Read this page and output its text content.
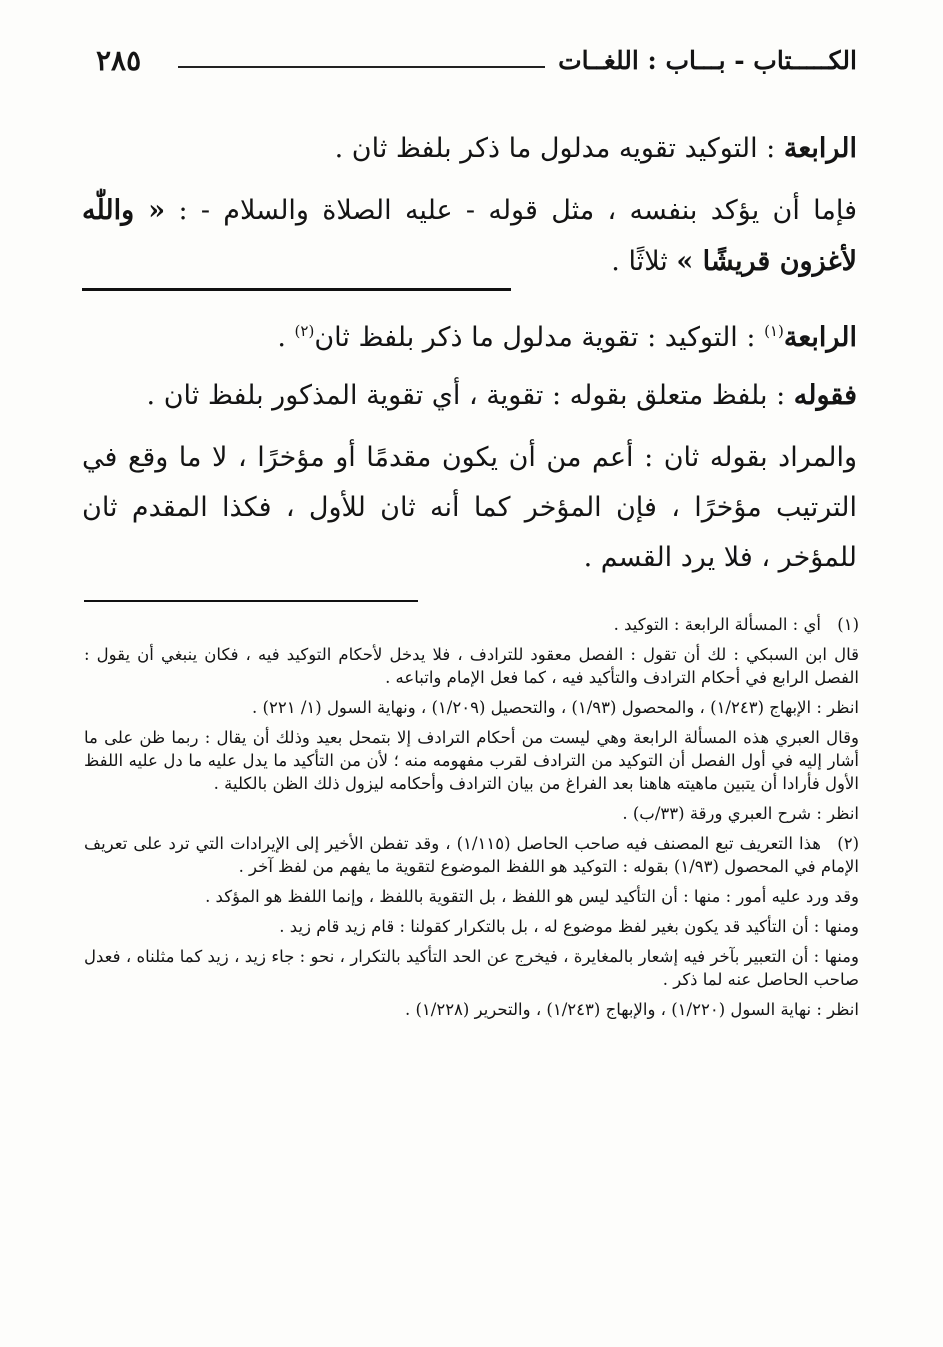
الكـــــتاب - بـــاب : اللغــات
٢٨٥

الرابعة : التوكيد تقويه مدلول ما ذكر بلفظ ثان .

فإما أن يؤكد بنفسه ، مثل قوله - عليه الصلاة والسلام - : « واللّٰه لأغزون قريشًا » ثلاثًا .

الرابعة$^{(١)}$ : التوكيد : تقوية مدلول ما ذكر بلفظ ثان$^{(٢)}$ .

فقوله : بلفظ متعلق بقوله : تقوية ، أي تقوية المذكور بلفظ ثان .

والمراد بقوله ثان : أعم من أن يكون مقدمًا أو مؤخرًا ، لا ما وقع في الترتيب مؤخرًا ، فإن المؤخر كما أنه ثان للأول ، فكذا المقدم ثان للمؤخر ، فلا يرد القسم .

(١)أي : المسألة الرابعة : التوكيد .

قال ابن السبكي : لك أن تقول : الفصل معقود للترادف ، فلا يدخل لأحكام التوكيد فيه ، فكان ينبغي أن يقول : الفصل الرابع في أحكام الترادف والتأكيد فيه ، كما فعل الإمام واتباعه .

انظر : الإبهاج (١/٢٤٣) ، والمحصول (١/٩٣) ، والتحصيل (١/٢٠٩) ، ونهاية السول (١/ ٢٢١) .

وقال العبري هذه المسألة الرابعة وهي ليست من أحكام الترادف إلا بتمحل بعيد وذلك أن يقال : ربما ظن على ما أشار إليه في أول الفصل أن التوكيد من الترادف لقرب مفهومه منه ؛ لأن من التأكيد ما يدل عليه ما دل عليه اللفظ الأول فأرادا أن يتبين ماهيته هاهنا بعد الفراغ من بيان الترادف وأحكامه ليزول ذلك الظن بالكلية .

انظر : شرح العبري ورقة (٣٣/ب) .

(٢)هذا التعريف تبع المصنف فيه صاحب الحاصل (١/١١٥) ، وقد تفطن الأخير إلى الإيرادات التي ترد على تعريف الإمام في المحصول (١/٩٣) بقوله : التوكيد هو اللفظ الموضوع لتقوية ما يفهم من لفظ آخر .

وقد ورد عليه أمور : منها : أن التأكيد ليس هو اللفظ ، بل التقوية باللفظ ، وإنما اللفظ هو المؤكد .

ومنها : أن التأكيد قد يكون بغير لفظ موضوع له ، بل بالتكرار كقولنا : قام زيد قام زيد .

ومنها : أن التعبير بآخر فيه إشعار بالمغايرة ، فيخرج عن الحد التأكيد بالتكرار ، نحو : جاء زيد ، زيد كما مثلناه ، فعدل صاحب الحاصل عنه لما ذكر .

انظر : نهاية السول (١/٢٢٠) ، والإبهاج (١/٢٤٣) ، والتحرير (١/٢٢٨) .
